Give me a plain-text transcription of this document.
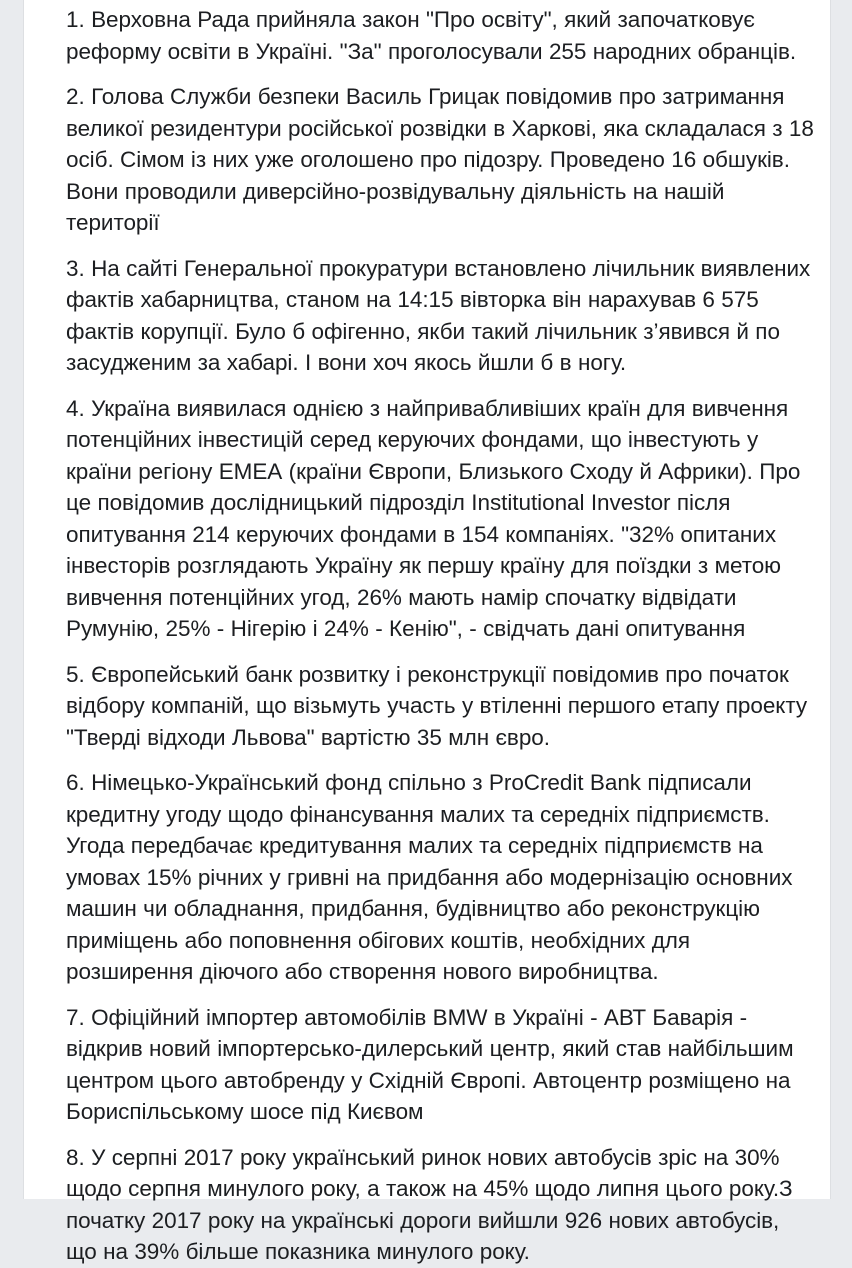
1. Верховна Рада прийняла закон "Про освіту", який започатковує реформу освіти в Україні. "За" проголосували 255 народних обранців.

2. Голова Служби безпеки Василь Грицак повідомив про затримання великої резидентури російської розвідки в Харкові, яка складалася з 18 осіб. Сімом із них уже оголошено про підозру. Проведено 16 обшуків. Вони проводили диверсійно-розвідувальну діяльність на нашій території

3. На сайті Генеральної прокуратури встановлено лічильник виявлених фактів хабарництва, станом на 14:15 вівторка він нарахував 6 575 фактів корупції. Було б офігенно, якби такий лічильник з’явився й по засудженим за хабарі. І вони хоч якось йшли б в ногу.

4. Україна виявилася однією з найпривабливіших країн для вивчення потенційних інвестицій серед керуючих фондами, що інвестують у країни регіону ЕМЕА (країни Європи, Близького Сходу й Африки). Про це повідомив дослідницький підрозділ Institutional Investor після опитування 214 керуючих фондами в 154 компаніях. "32% опитаних інвесторів розглядають Україну як першу країну для поїздки з метою вивчення потенційних угод, 26% мають намір спочатку відвідати Румунію, 25% - Нігерію і 24% - Кенію", - свідчать дані опитування

5. Європейський банк розвитку і реконструкції повідомив про початок відбору компаній, що візьмуть участь у втіленні першого етапу проекту "Тверді відходи Львова" вартістю 35 млн євро.

6. Німецько-Український фонд спільно з ProCredit Bank підписали кредитну угоду щодо фінансування малих та середніх підприємств. Угода передбачає кредитування малих та середніх підприємств на умовах 15% річних у гривні на придбання або модернізацію основних машин чи обладнання, придбання, будівництво або реконструкцію приміщень або поповнення обігових коштів, необхідних для розширення діючого або створення нового виробництва.

7. Офіційний імпортер автомобілів BMW в Україні - АВТ Баварія - відкрив новий імпортерсько-дилерський центр, який став найбільшим центром цього автобренду у Східній Європі. Автоцентр розміщено на Бориспільському шосе під Києвом

8. У серпні 2017 року український ринок нових автобусів зріс на 30% щодо серпня минулого року, а також на 45% щодо липня цього року.З початку 2017 року на українські дороги вийшли 926 нових автобусів, що на 39% більше показника минулого року.
